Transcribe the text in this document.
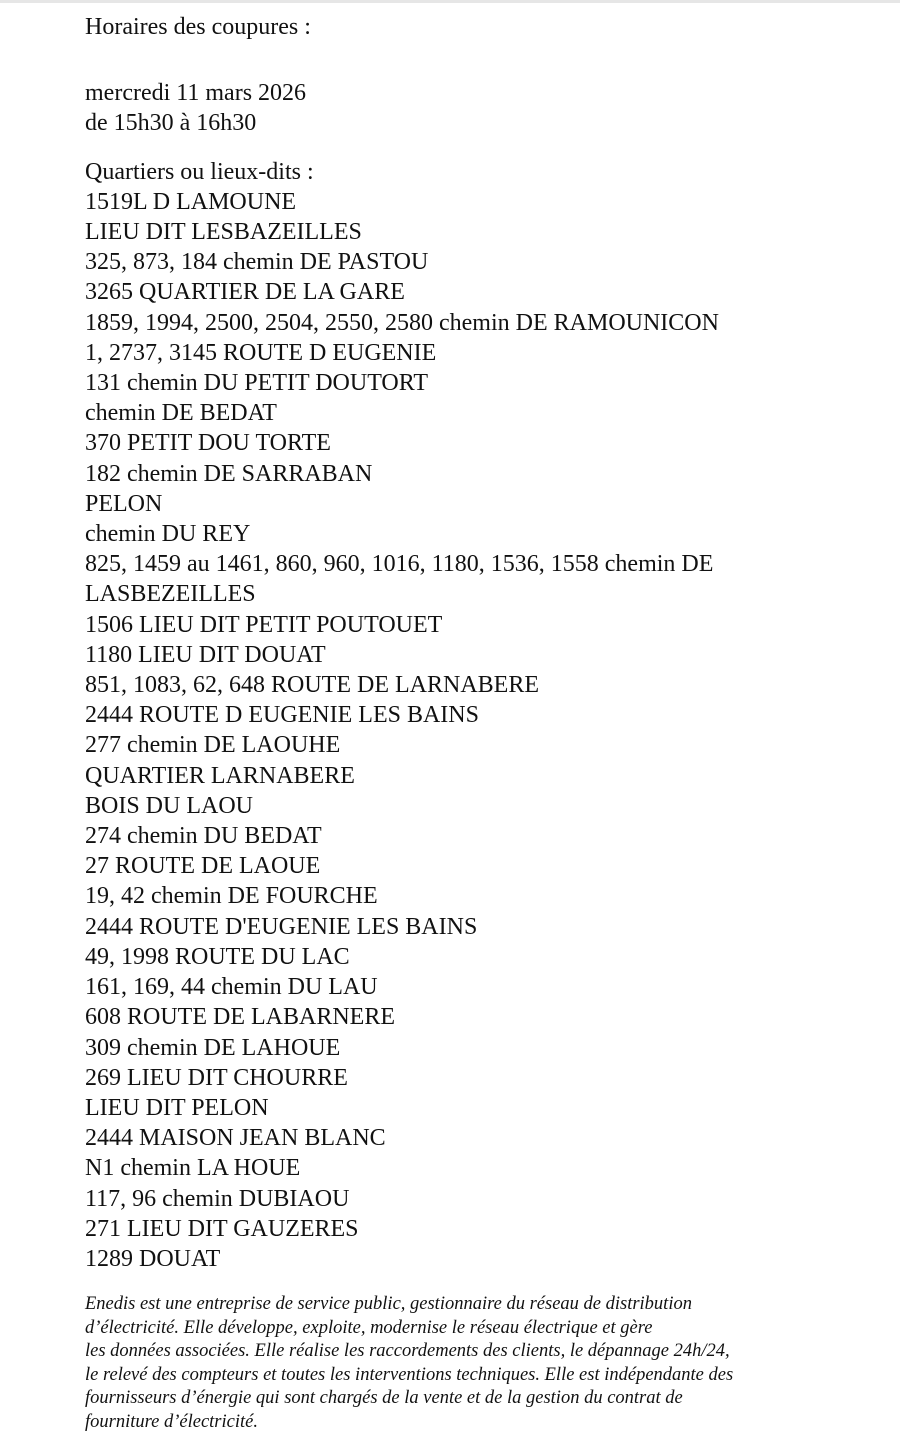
Horaires des coupures :

mercredi 11 mars 2026

de 15h30 à 16h30

Quartiers ou lieux-dits :

1519L D LAMOUNE
LIEU DIT LESBAZEILLES
325, 873, 184 chemin DE PASTOU
3265 QUARTIER DE LA GARE
1859, 1994, 2500, 2504, 2550, 2580 chemin DE RAMOUNICON
1, 2737, 3145 ROUTE D EUGENIE
131 chemin DU PETIT DOUTORT
chemin DE BEDAT
370 PETIT DOU TORTE
182 chemin DE SARRABAN
PELON
chemin DU REY
825, 1459 au 1461, 860, 960, 1016, 1180, 1536, 1558 chemin DE
LASBEZEILLES
1506 LIEU DIT PETIT POUTOUET
1180 LIEU DIT DOUAT
851, 1083, 62, 648 ROUTE DE LARNABERE
2444 ROUTE D EUGENIE LES BAINS
277 chemin DE LAOUHE
QUARTIER LARNABERE
BOIS DU LAOU
274 chemin DU BEDAT
27 ROUTE DE LAOUE
19, 42 chemin DE FOURCHE
2444 ROUTE D'EUGENIE LES BAINS
49, 1998 ROUTE DU LAC
161, 169, 44 chemin DU LAU
608 ROUTE DE LABARNERE
309 chemin DE LAHOUE
269 LIEU DIT CHOURRE
LIEU DIT PELON
2444 MAISON JEAN BLANC
N1 chemin LA HOUE
117, 96 chemin DUBIAOU
271 LIEU DIT GAUZERES
1289 DOUAT

Enedis est une entreprise de service public, gestionnaire du réseau de distribution

d’électricité. Elle développe, exploite, modernise le réseau électrique et gère

les données associées. Elle réalise les raccordements des clients, le dépannage 24h/24,

le relevé des compteurs et toutes les interventions techniques. Elle est indépendante des

fournisseurs d’énergie qui sont chargés de la vente et de la gestion du contrat de

fourniture d’électricité.
